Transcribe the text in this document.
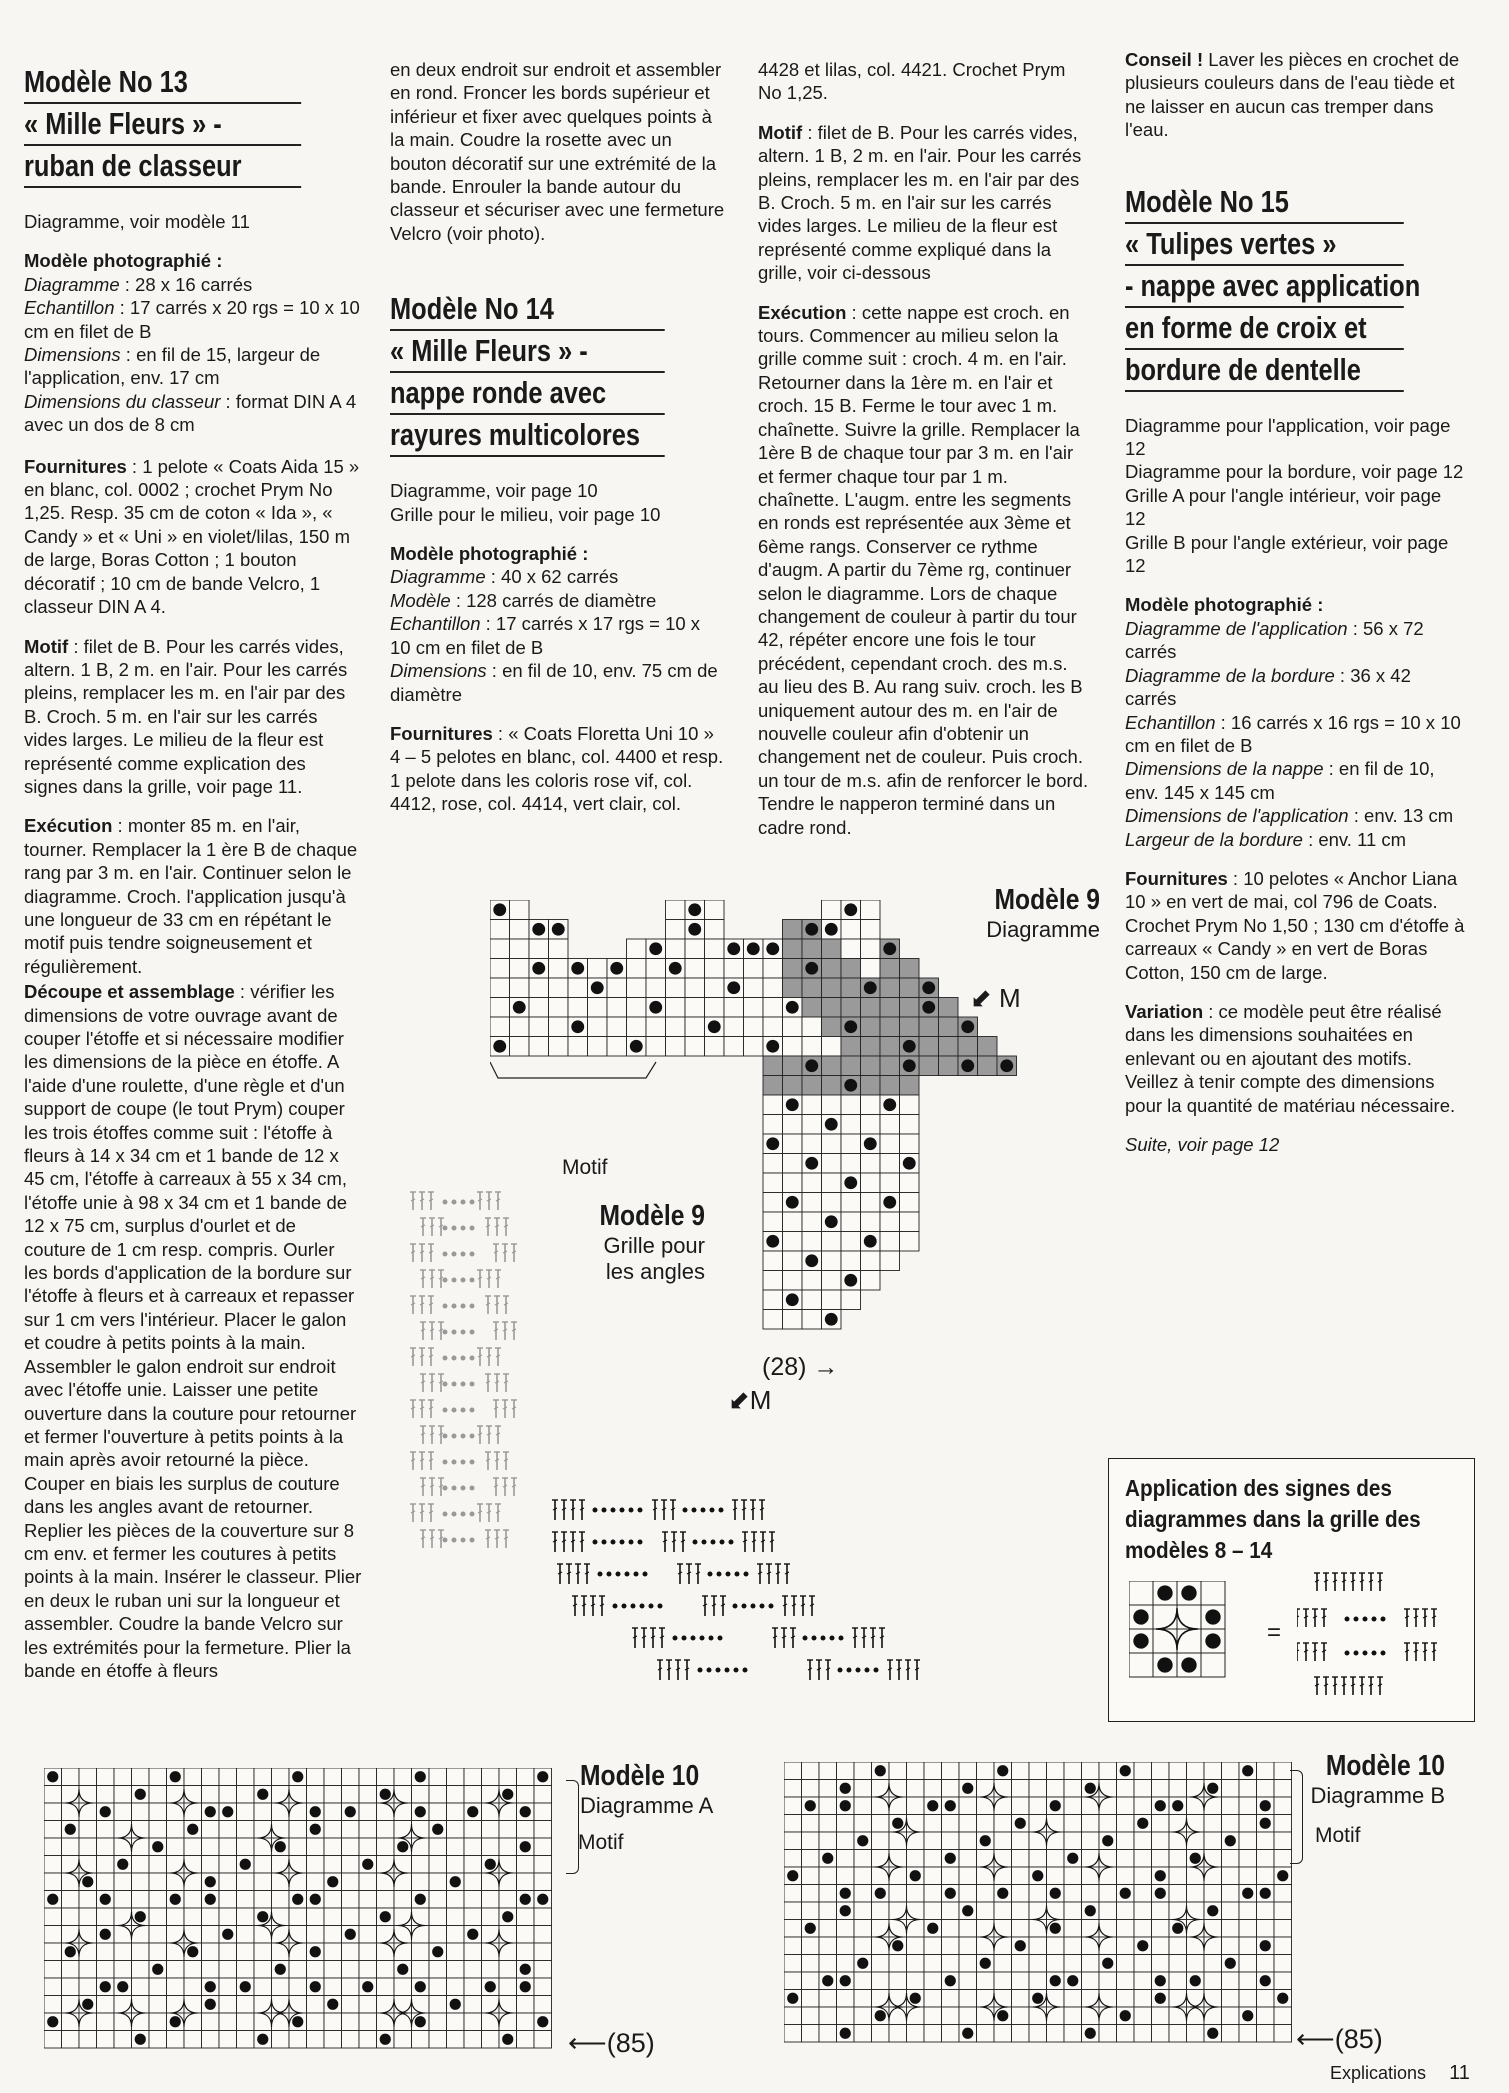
Modèle No 13
« Mille Fleurs » -
ruban de classeur

Diagramme, voir modèle 11

Modèle photographié :
Diagramme : 28 x 16 carrés
Echantillon : 17 carrés x 20 rgs = 10 x 10 cm en filet de B
Dimensions : en fil de 15, largeur de l'application, env. 17 cm
Dimensions du classeur : format DIN A 4 avec un dos de 8 cm

Fournitures : 1 pelote « Coats Aida 15 » en blanc, col. 0002 ; crochet Prym No 1,25. Resp. 35 cm de coton « Ida », « Candy » et « Uni » en violet/lilas, 150 m de large, Boras Cotton ; 1 bouton décoratif ; 10 cm de bande Velcro, 1 classeur DIN A 4.

Motif : filet de B. Pour les carrés vides, altern. 1 B, 2 m. en l'air. Pour les carrés pleins, remplacer les m. en l'air par des B. Croch. 5 m. en l'air sur les carrés vides larges. Le milieu de la fleur est représenté comme explication des signes dans la grille, voir page 11.

Exécution : monter 85 m. en l'air, tourner. Remplacer la 1 ère B de chaque rang par 3 m. en l'air. Continuer selon le diagramme. Croch. l'application jusqu'à une longueur de 33 cm en répétant le motif puis tendre soigneusement et régulièrement.

Découpe et assemblage : vérifier les dimensions de votre ouvrage avant de couper l'étoffe et si nécessaire modifier les dimensions de la pièce en étoffe. A l'aide d'une roulette, d'une règle et d'un support de coupe (le tout Prym) couper les trois étoffes comme suit : l'étoffe à fleurs à 14 x 34 cm et 1 bande de 12 x 45 cm, l'étoffe à carreaux à 55 x 34 cm, l'étoffe unie à 98 x 34 cm et 1 bande de 12 x 75 cm, surplus d'ourlet et de couture de 1 cm resp. compris. Ourler les bords d'application de la bordure sur l'étoffe à fleurs et à carreaux et repasser sur 1 cm vers l'intérieur. Placer le galon et coudre à petits points à la main. Assembler le galon endroit sur endroit avec l'étoffe unie. Laisser une petite ouverture dans la couture pour retourner et fermer l'ouverture à petits points à la main après avoir retourné la pièce. Couper en biais les surplus de couture dans les angles avant de retourner. Replier les pièces de la couverture sur 8 cm env. et fermer les coutures à petits points à la main. Insérer le classeur. Plier en deux le ruban uni sur la longueur et assembler. Coudre la bande Velcro sur les extrémités pour la fermeture. Plier la bande en étoffe à fleurs

en deux endroit sur endroit et assembler en rond. Froncer les bords supérieur et inférieur et fixer avec quelques points à la main. Coudre la rosette avec un bouton décoratif sur une extrémité de la bande. Enrouler la bande autour du classeur et sécuriser avec une fermeture Velcro (voir photo).

Modèle No 14
« Mille Fleurs » -
nappe ronde avec
rayures multicolores

Diagramme, voir page 10
Grille pour le milieu, voir page 10

Modèle photographié :
Diagramme : 40 x 62 carrés
Modèle : 128 carrés de diamètre
Echantillon : 17 carrés x 17 rgs = 10 x 10 cm en filet de B
Dimensions : en fil de 10, env. 75 cm de diamètre

Fournitures : « Coats Floretta Uni 10 » 4 – 5 pelotes en blanc, col. 4400 et resp. 1 pelote dans les coloris rose vif, col. 4412, rose, col. 4414, vert clair, col.

4428 et lilas, col. 4421. Crochet Prym No 1,25.

Motif : filet de B. Pour les carrés vides, altern. 1 B, 2 m. en l'air. Pour les carrés pleins, remplacer les m. en l'air par des B. Croch. 5 m. en l'air sur les carrés vides larges. Le milieu de la fleur est représenté comme expliqué dans la grille, voir ci-dessous

Exécution : cette nappe est croch. en tours. Commencer au milieu selon la grille comme suit : croch. 4 m. en l'air. Retourner dans la 1ère m. en l'air et croch. 15 B. Ferme le tour avec 1 m. chaînette. Suivre la grille. Remplacer la 1ère B de chaque tour par 3 m. en l'air et fermer chaque tour par 1 m. chaînette. L'augm. entre les segments en ronds est représentée aux 3ème et 6ème rangs. Conserver ce rythme d'augm. A partir du 7ème rg, continuer selon le diagramme. Lors de chaque changement de couleur à partir du tour 42, répéter encore une fois le tour précédent, cependant croch. des m.s. au lieu des B. Au rang suiv. croch. les B uniquement autour des m. en l'air de nouvelle couleur afin d'obtenir un changement net de couleur. Puis croch. un tour de m.s. afin de renforcer le bord. Tendre le napperon terminé dans un cadre rond.

Conseil ! Laver les pièces en crochet de plusieurs couleurs dans de l'eau tiède et ne laisser en aucun cas tremper dans l'eau.

Modèle No 15
« Tulipes vertes »
- nappe avec application
en forme de croix et
bordure de dentelle

Diagramme pour l'application, voir page 12
Diagramme pour la bordure, voir page 12
Grille A pour l'angle intérieur, voir page 12
Grille B pour l'angle extérieur, voir page 12

Modèle photographié :
Diagramme de l'application : 56 x 72 carrés
Diagramme de la bordure : 36 x 42 carrés
Echantillon : 16 carrés x 16 rgs = 10 x 10 cm en filet de B
Dimensions de la nappe : en fil de 10, env. 145 x 145 cm
Dimensions de l'application : env. 13 cm
Largeur de la bordure : env. 11 cm

Fournitures : 10 pelotes « Anchor Liana 10 » en vert de mai, col 796 de Coats. Crochet Prym No 1,50 ; 130 cm d'étoffe à carreaux « Candy » en vert de Boras Cotton, 150 cm de large.

Variation : ce modèle peut être réalisé dans les dimensions souhaitées en enlevant ou en ajoutant des motifs. Veillez à tenir compte des dimensions pour la quantité de matériau nécessaire.

Suite, voir page 12

Modèle 9
Diagramme
⬋ M
Motif
(28) →
⬋M
Modèle 9
Grille pour
les angles
Application des signes des diagrammes dans la grille des modèles 8 – 14
=
Modèle 10
Diagramme A
Motif
⟵(85)
Modèle 10
Diagramme B
Motif
⟵(85)
Explications 11
